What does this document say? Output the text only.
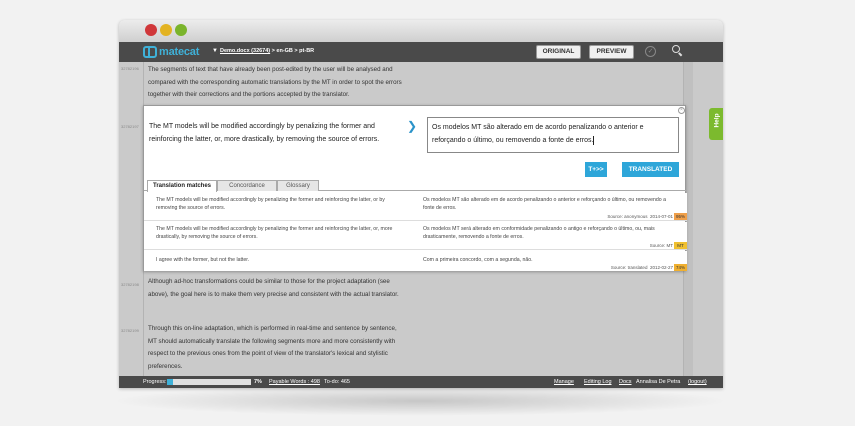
matecat ▼ Demo.docx (32674) > en-GB > pt-BR	ORIGINAL	PREVIEW	✓
32782196 The segments of text that have already been post-edited by the user will be analysed and compared with the corresponding automatic translations by the MT in order to spot the errors together with their corrections and the portions accepted by the translator.
32782197
32782198 Although ad-hoc transformations could be similar to those for the project adaptation (see above), the goal here is to make them very precise and consistent with the actual translator.
32782199 Through this on-line adaptation, which is performed in real-time and sentence by sentence, MT should automatically translate the following segments more and more consistently with respect to the previous ones from the point of view of the translator's lexical and stylistic preferences.
×
The MT models will be modified accordingly by penalizing the former and reinforcing the latter, or, more drastically, by removing the source of errors.
❯	Os modelos MT são alterado em de acordo penalizando o anterior e reforçando o último, ou removendo a fonte de erros.
T+>>	TRANSLATED
Translation matches	Concordance	Glossary
The MT models will be modified accordingly by penalizing the former and reinforcing the latter, or by removing the source of errors.
Os modelos MT são alterado em de acordo penalizando o anterior e reforçando o último, ou removendo a fonte de erros.
Source: anonymous 2014-07-01 95%
The MT models will be modified accordingly by penalizing the former and reinforcing the latter, or, more drastically, by removing the source of errors.
Os modelos MT será alterado em conformidade penalizando o antigo e reforçando o último, ou, mais drasticamente, removendo a fonte de erros.
Source: MT MT
I agree with the former, but not the latter.	Com a primeira concordo, com a segunda, não.
Source: translated 2012-02-27 74%
Progress:	7% Payable Words : 498 To-do: 465	Manage Editing Log Docs Annalisa De Petra (logout)
Help
